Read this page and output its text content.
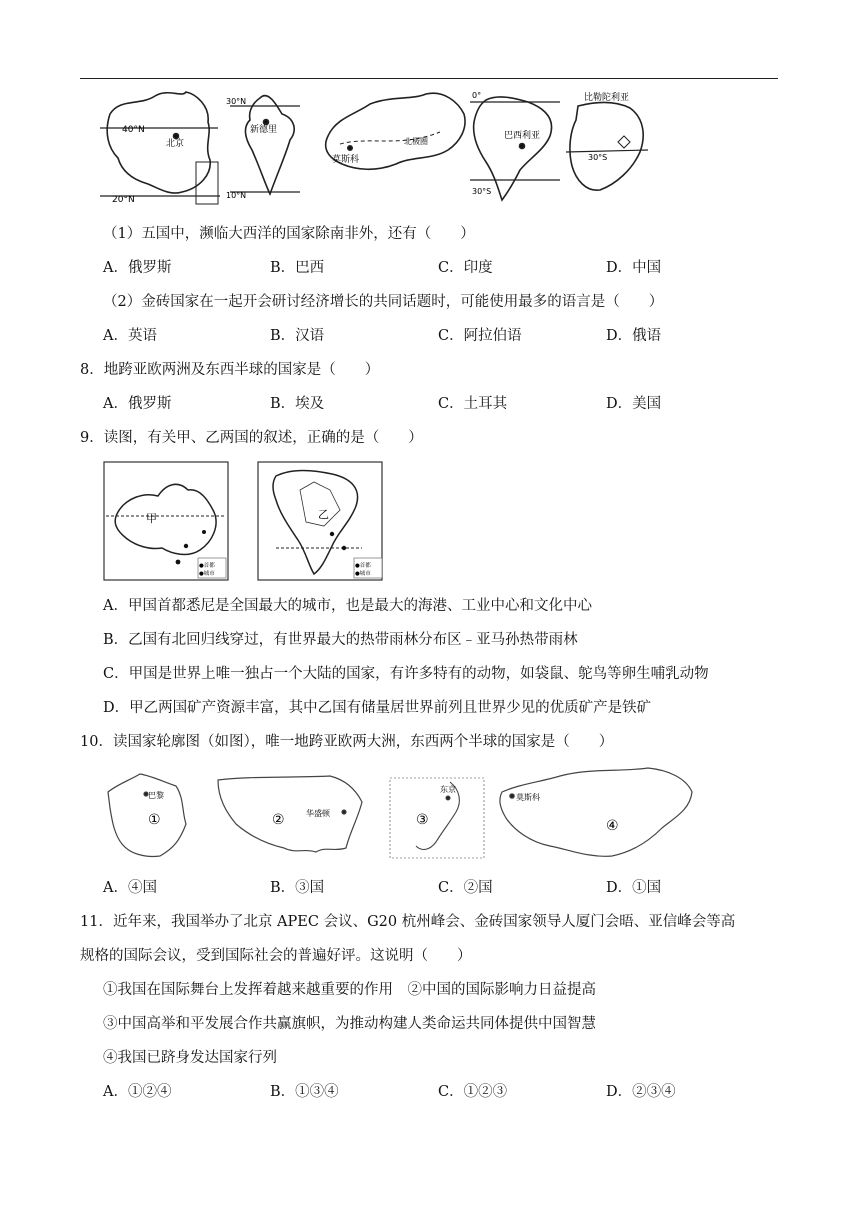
40°N
北京
20°N
30°N
新德里
10°N
莫斯科
北极圈
0°
巴西利亚
30°S
比勒陀利亚
30°S
（1）五国中，濒临大西洋的国家除南非外，还有（　　）
A．俄罗斯	B．巴西	C．印度	D．中国
（2）金砖国家在一起开会研讨经济增长的共同话题时，可能使用最多的语言是（　　）
A．英语	B．汉语	C．阿拉伯语	D．俄语
8．地跨亚欧两洲及东西半球的国家是（　　）
A．俄罗斯	B．埃及	C．土耳其	D．美国
9．读图，有关甲、乙两国的叙述，正确的是（　　）
甲
●首都
●城市
乙
●首都
●城市
A．甲国首都悉尼是全国最大的城市，也是最大的海港、工业中心和文化中心
B．乙国有北回归线穿过，有世界最大的热带雨林分布区﹣亚马孙热带雨林
C．甲国是世界上唯一独占一个大陆的国家，有许多特有的动物，如袋鼠、鸵鸟等卵生哺乳动物
D．甲乙两国矿产资源丰富，其中乙国有储量居世界前列且世界少见的优质矿产是铁矿
10．读国家轮廓图（如图），唯一地跨亚欧两大洲，东西两个半球的国家是（　　）
巴黎
①	华盛顿
②
东京
③
莫斯科
④
A．④国	B．③国	C．②国	D．①国
11．近年来，我国举办了北京 APEC 会议、G20 杭州峰会、金砖国家领导人厦门会晤、亚信峰会等高
规格的国际会议，受到国际社会的普遍好评。这说明（　　）
①我国在国际舞台上发挥着越来越重要的作用　②中国的国际影响力日益提高
③中国高举和平发展合作共赢旗帜，为推动构建人类命运共同体提供中国智慧
④我国已跻身发达国家行列
A．①②④	B．①③④	C．①②③	D．②③④
